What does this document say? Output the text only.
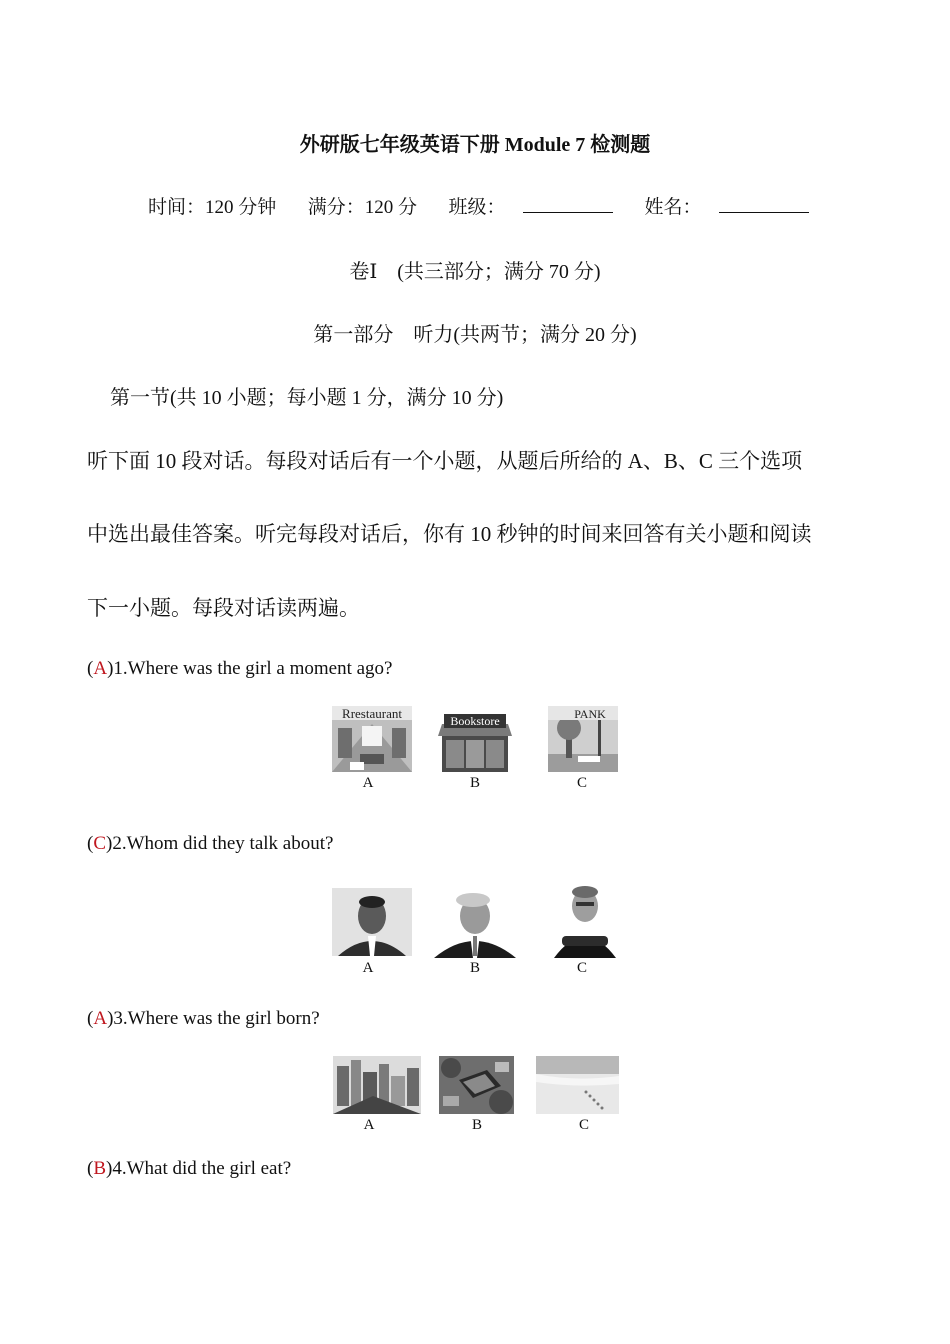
外研版七年级英语下册 Module 7 检测题
时间：120 分钟 满分：120 分 班级：	姓名：
卷Ⅰ　(共三部分；满分 70 分)
第一部分　听力(共两节；满分 20 分)
第一节(共 10 小题；每小题 1 分，满分 10 分)
听下面 10 段对话。每段对话后有一个小题，从题后所给的 A、B、C 三个选项
中选出最佳答案。听完每段对话后，你有 10 秒钟的时间来回答有关小题和阅读
下一小题。每段对话读两遍。
(A)1.Where was the girl a moment ago?
Rrestaurant	Bookstore	PANK
A	B	C
(C)2.Whom did they talk about?
A	B	C
(A)3.Where was the girl born?
A	B	C
(B)4.What did the girl eat?
